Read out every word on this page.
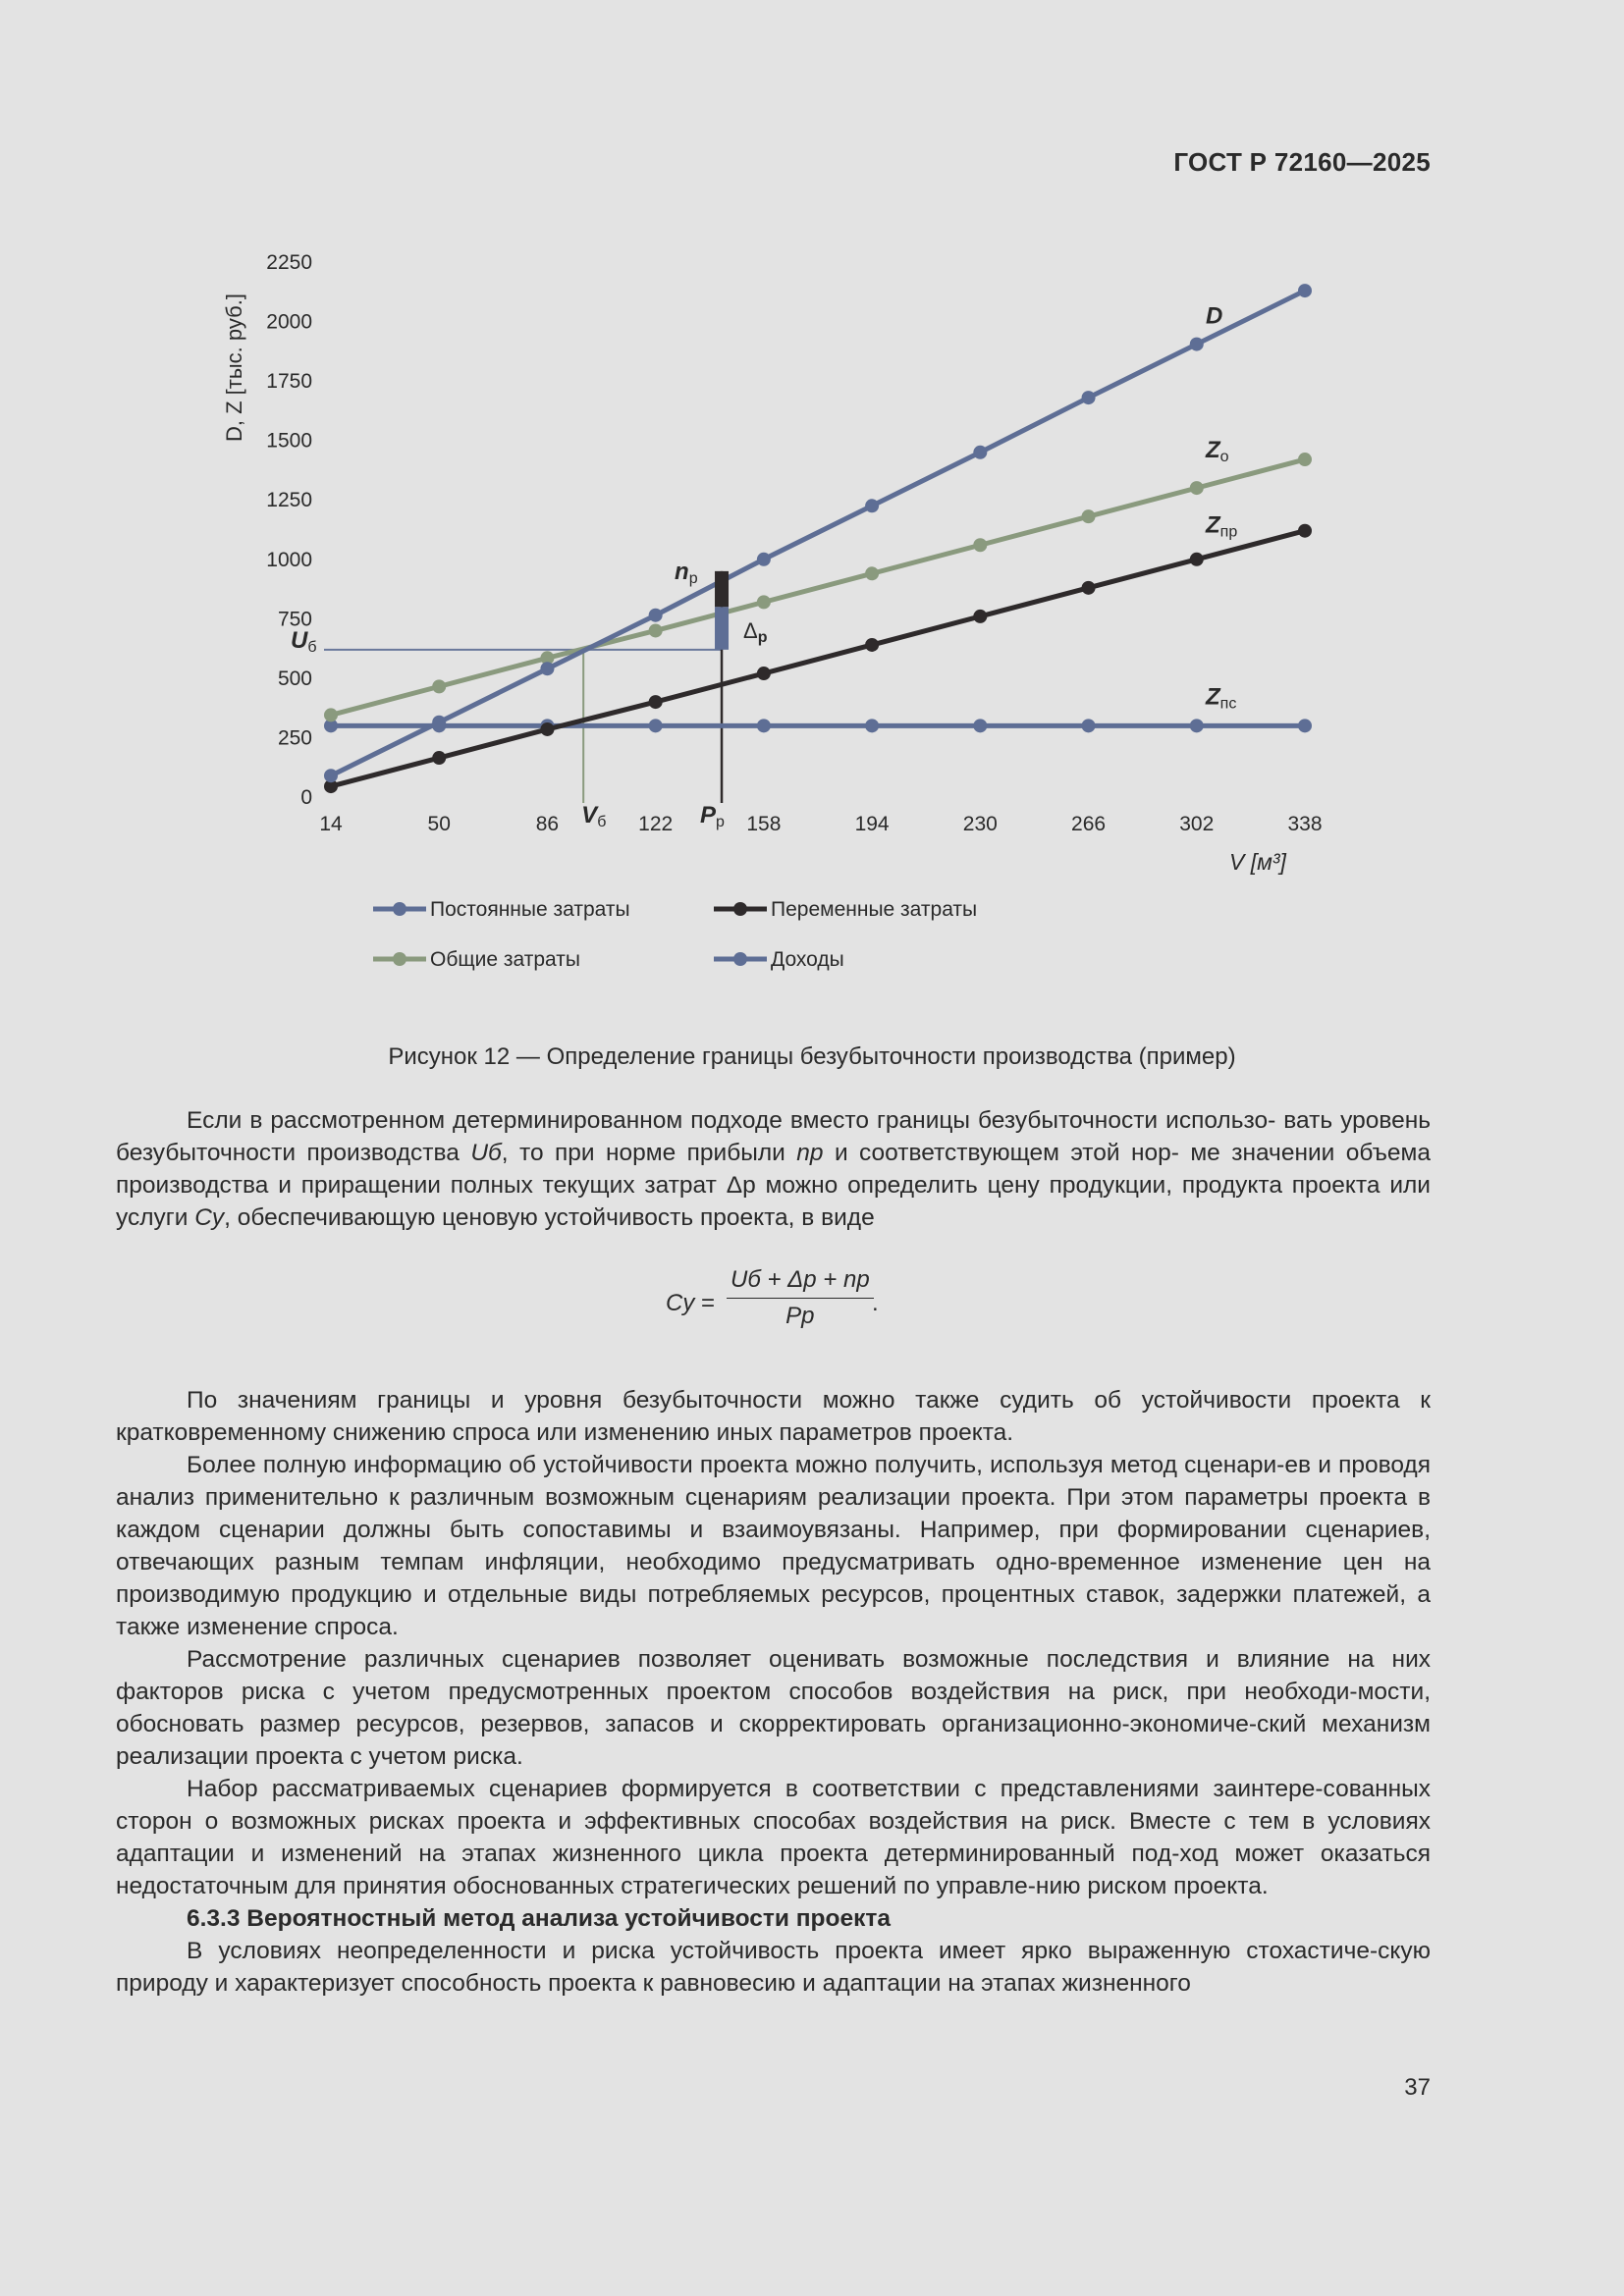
ГОСТ Р 72160—2025
0
250
500
750
1000
1250
1500
1750
2000
2250
14	50	86	122	158	194	230	266	302	338
D, Z [тыс. руб.]
V [м³]
Uб
Vб	Pр
nр
Δр
Zпс
Zпр
Zо
D
Постоянные затраты	Переменные затраты
Общие затраты	Доходы
Рисунок 12 — Определение границы безубыточности производства (пример)

Если в рассмотренном детерминированном подходе вместо границы безубыточности использо- вать уровень безубыточности производства Uб, то при норме прибыли nр и соответствующем этой нор- ме значении объема производства и приращении полных текущих затрат Δр можно определить цену продукции, продукта проекта или услуги Cу, обеспечивающую ценовую устойчивость проекта, в виде

Cу =
Uб + Δр + nр
Pр	.

По значениям границы и уровня безубыточности можно также судить об устойчивости проекта к кратковременному снижению спроса или изменению иных параметров проекта.

Более полную информацию об устойчивости проекта можно получить, используя метод сценари-ев и проводя анализ применительно к различным возможным сценариям реализации проекта. При этом параметры проекта в каждом сценарии должны быть сопоставимы и взаимоувязаны. Например, при формировании сценариев, отвечающих разным темпам инфляции, необходимо предусматривать одно-временное изменение цен на производимую продукцию и отдельные виды потребляемых ресурсов, процентных ставок, задержки платежей, а также изменение спроса.

Рассмотрение различных сценариев позволяет оценивать возможные последствия и влияние на них факторов риска с учетом предусмотренных проектом способов воздействия на риск, при необходи-мости, обосновать размер ресурсов, резервов, запасов и скорректировать организационно-экономиче-ский механизм реализации проекта с учетом риска.

Набор рассматриваемых сценариев формируется в соответствии с представлениями заинтере-сованных сторон о возможных рисках проекта и эффективных способах воздействия на риск. Вместе с тем в условиях адаптации и изменений на этапах жизненного цикла проекта детерминированный под-ход может оказаться недостаточным для принятия обоснованных стратегических решений по управле-нию риском проекта.

6.3.3 Вероятностный метод анализа устойчивости проекта

В условиях неопределенности и риска устойчивость проекта имеет ярко выраженную стохастиче-скую природу и характеризует способность проекта к равновесию и адаптации на этапах жизненного

37
